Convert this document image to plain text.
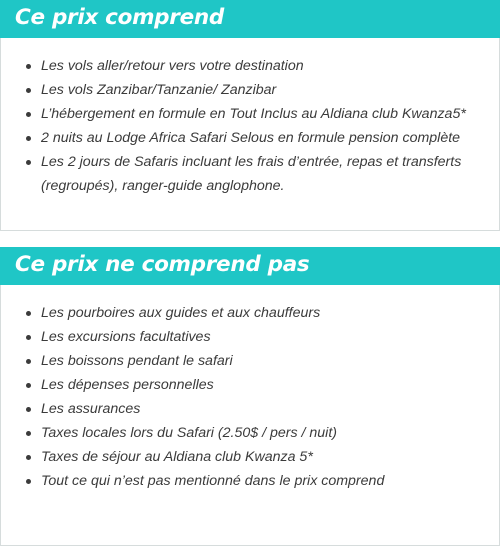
Ce prix comprend
Les vols aller/retour vers votre destination
Les vols Zanzibar/Tanzanie/ Zanzibar
L’hébergement en formule en Tout Inclus au Aldiana club Kwanza5*
2 nuits au Lodge Africa Safari Selous en formule pension complète
Les 2 jours de Safaris incluant les frais d’entrée, repas et transferts (regroupés), ranger-guide anglophone.
Ce prix ne comprend pas
Les pourboires aux guides et aux chauffeurs
Les excursions facultatives
Les boissons pendant le safari
Les dépenses personnelles
Les assurances
Taxes locales lors du Safari (2.50$ / pers / nuit)
Taxes de séjour au Aldiana club Kwanza 5*
Tout ce qui n’est pas mentionné dans le prix comprend
